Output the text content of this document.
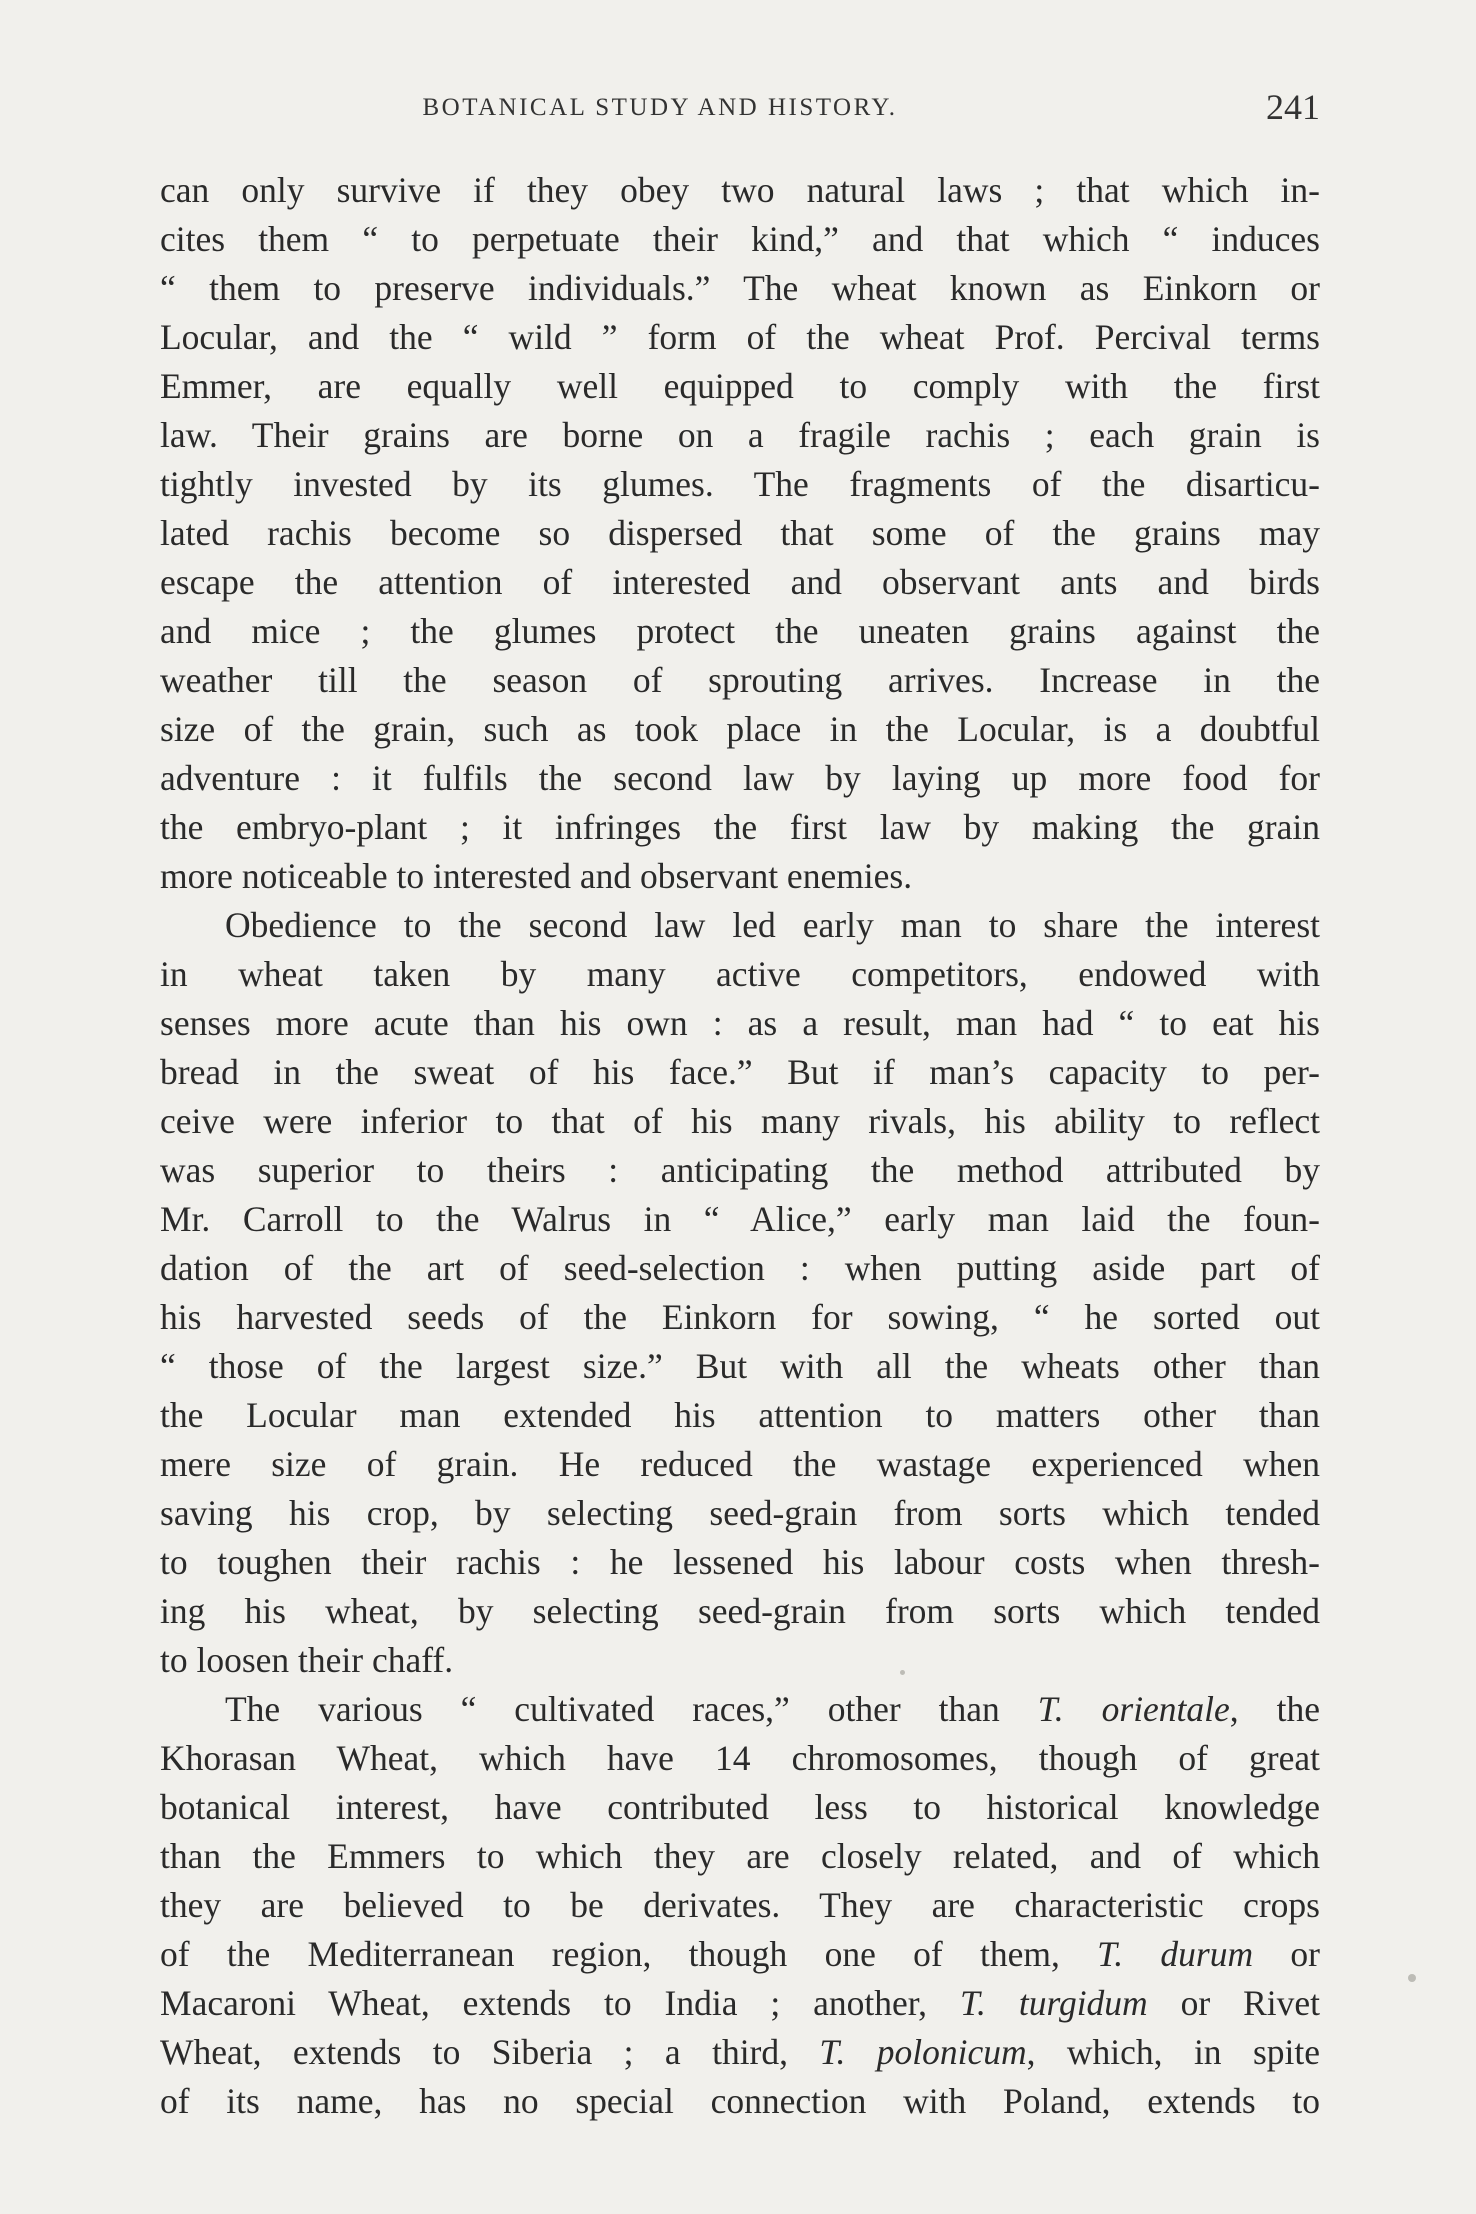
BOTANICAL STUDY AND HISTORY.	241

can only survive if they obey two natural laws ; that which in-
cites them “ to perpetuate their kind,” and that which “ induces
“ them to preserve individuals.” The wheat known as Einkorn or
Locular, and the “ wild ” form of the wheat Prof. Percival terms
Emmer, are equally well equipped to comply with the first
law. Their grains are borne on a fragile rachis ; each grain is
tightly invested by its glumes. The fragments of the disarticu-
lated rachis become so dispersed that some of the grains may
escape the attention of interested and observant ants and birds
and mice ; the glumes protect the uneaten grains against the
weather till the season of sprouting arrives. Increase in the
size of the grain, such as took place in the Locular, is a doubtful
adventure : it fulfils the second law by laying up more food for
the embryo-plant ; it infringes the first law by making the grain
more noticeable to interested and observant enemies.

Obedience to the second law led early man to share the interest
in wheat taken by many active competitors, endowed with
senses more acute than his own : as a result, man had “ to eat his
bread in the sweat of his face.” But if man’s capacity to per-
ceive were inferior to that of his many rivals, his ability to reflect
was superior to theirs : anticipating the method attributed by
Mr. Carroll to the Walrus in “ Alice,” early man laid the foun-
dation of the art of seed-selection : when putting aside part of
his harvested seeds of the Einkorn for sowing, “ he sorted out
“ those of the largest size.” But with all the wheats other than
the Locular man extended his attention to matters other than
mere size of grain. He reduced the wastage experienced when
saving his crop, by selecting seed-grain from sorts which tended
to toughen their rachis : he lessened his labour costs when thresh-
ing his wheat, by selecting seed-grain from sorts which tended
to loosen their chaff.

The various “ cultivated races,” other than T. orientale, the
Khorasan Wheat, which have 14 chromosomes, though of great
botanical interest, have contributed less to historical knowledge
than the Emmers to which they are closely related, and of which
they are believed to be derivates. They are characteristic crops
of the Mediterranean region, though one of them, T. durum or
Macaroni Wheat, extends to India ; another, T. turgidum or Rivet
Wheat, extends to Siberia ; a third, T. polonicum, which, in spite
of its name, has no special connection with Poland, extends to
